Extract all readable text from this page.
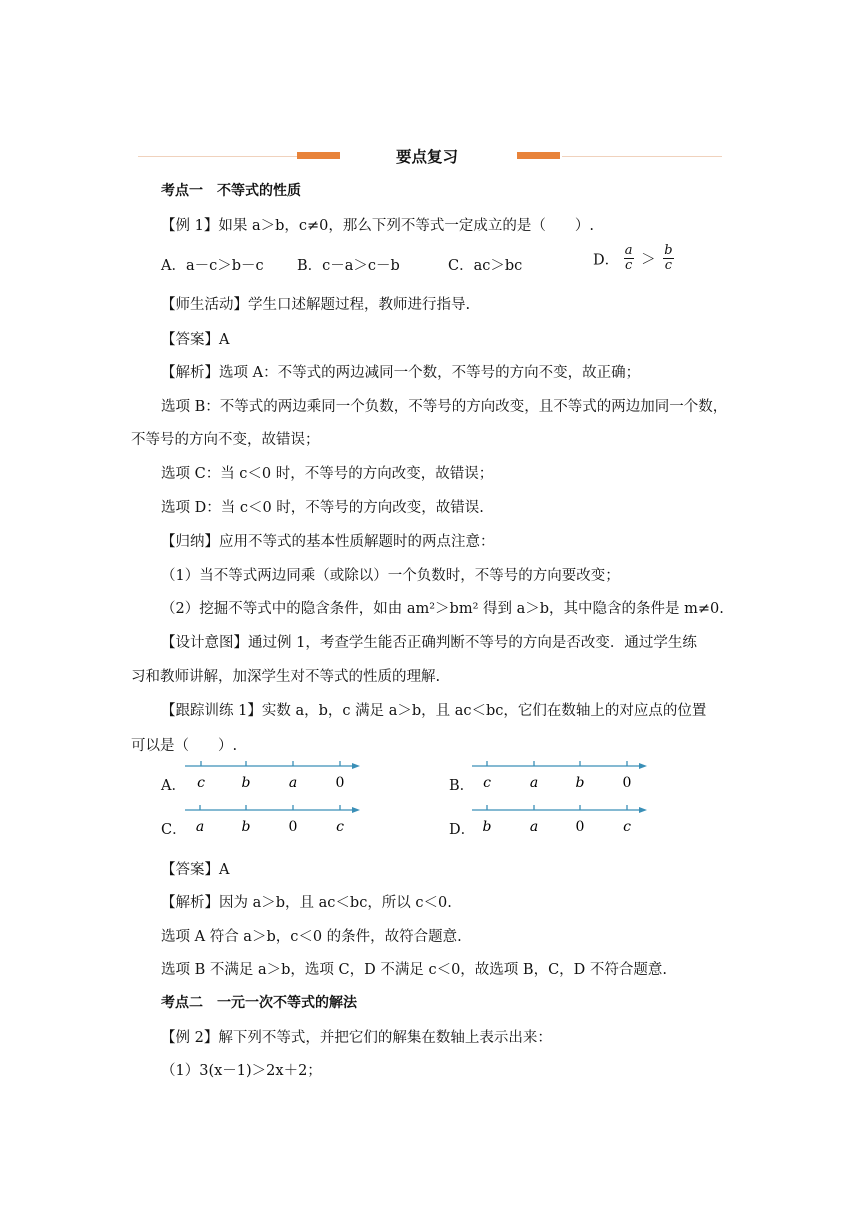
要点复习
考点一　不等式的性质
【例 1】如果 a＞b，c≠0，那么下列不等式一定成立的是（　　）.
A．a－c＞b－c B．c－a＞c－b	C．ac＞bc	D． $\frac{a}{c} > \frac{b}{c}$
【师生活动】学生口述解题过程，教师进行指导.
【答案】A
【解析】选项 A：不等式的两边减同一个数，不等号的方向不变，故正确；
选项 B：不等式的两边乘同一个负数，不等号的方向改变，且不等式的两边加同一个数，
不等号的方向不变，故错误；
选项 C：当 c＜0 时，不等号的方向改变，故错误；
选项 D：当 c＜0 时，不等号的方向改变，故错误.
【归纳】应用不等式的基本性质解题时的两点注意：
（1）当不等式两边同乘（或除以）一个负数时，不等号的方向要改变；
（2）挖掘不等式中的隐含条件，如由 am²＞bm² 得到 a＞b，其中隐含的条件是 m≠0.
【设计意图】通过例 1，考查学生能否正确判断不等号的方向是否改变．通过学生练
习和教师讲解，加深学生对不等式的性质的理解.
【跟踪训练 1】实数 a，b，c 满足 a＞b，且 ac＜bc，它们在数轴上的对应点的位置
可以是（　　）.
A． c	b	a	0	B． c	a	b	0
C． a	b	0	c	D． b	a	0	c
【答案】A
【解析】因为 a＞b，且 ac＜bc，所以 c＜0.
选项 A 符合 a＞b，c＜0 的条件，故符合题意.
选项 B 不满足 a＞b，选项 C，D 不满足 c＜0，故选项 B，C，D 不符合题意.
考点二　一元一次不等式的解法
【例 2】解下列不等式，并把它们的解集在数轴上表示出来：
（1）3(x－1)＞2x＋2；
